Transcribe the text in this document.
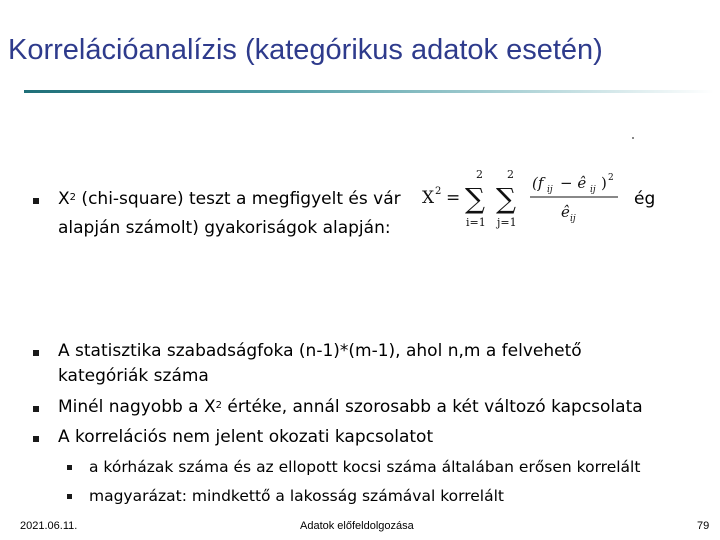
Korrelációanalízis (kategórikus adatok esetén)
$X^2$ (chi-square) teszt a megfigyelt és vár	ég
alapján számolt) gyakoriságok alapján:
X 2 =
2
∑
i=1
2
∑
j=1
(f ij − ê ij ) 2
ê ij
A statisztika szabadságfoka (n-1)*(m-1), ahol n,m a felvehető
kategóriák száma
Minél nagyobb a $X^2$ értéke, annál szorosabb a két változó kapcsolata
A korrelációs nem jelent okozati kapcsolatot
a kórházak száma és az ellopott kocsi száma általában erősen korrelált
magyarázat: mindkettő a lakosság számával korrelált
2021.06.11.	Adatok előfeldolgozása	79
